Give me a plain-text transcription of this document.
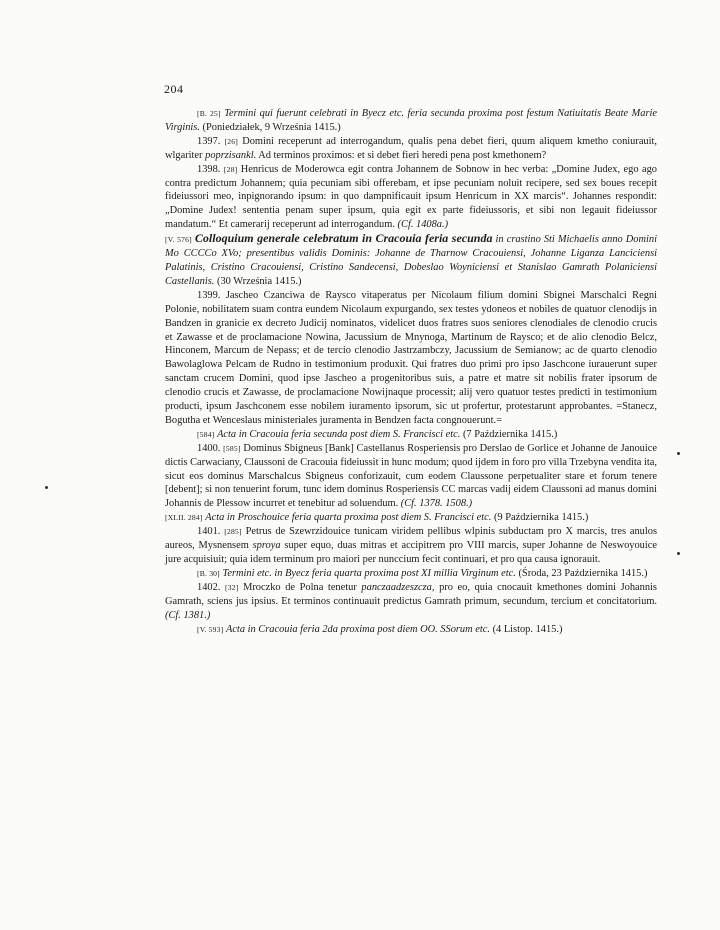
204

[B. 25] Termini qui fuerunt celebrati in Byecz etc. feria secunda proxima post festum Natiuitatis Beate Marie Virginis. (Poniedziałek, 9 Września 1415.)

1397. [26] Domini receperunt ad interrogandum, qualis pena debet fieri, quum aliquem kmetho coniurauit, wlgariter poprzisankl. Ad terminos proximos: et si debet fieri heredi pena post kmethonem?

1398. [28] Henricus de Moderowca egit contra Johannem de Sobnow in hec verba: „Domine Judex, ego ago contra predictum Johannem; quia pecuniam sibi offerebam, et ipse pecuniam noluit recipere, sed sex boues recepit fideiussori meo, inpignorando ipsum: in quo dampnificauit ipsum Henricum in XX marcis“. Johannes respondit: „Domine Judex! sententia penam super ipsum, quia egit ex parte fideiussoris, et sibi non legauit fideiussor mandatum.“ Et camerarij receperunt ad interrogandum. (Cf. 1408a.)

[V. 576] Colloquium generale celebratum in Cracouia feria secunda in crastino Sti Michaelis anno Domini Mo CCCCo XVo; presentibus validis Dominis: Johanne de Tharnow Cracouiensi, Johanne Liganza Lanciciensi Palatinis, Cristino Cracouiensi, Cristino Sandecensi, Dobeslao Woyniciensi et Stanislao Gamrath Polaniciensi Castellanis. (30 Września 1415.)

1399. Jascheo Czanciwa de Raysco vitaperatus per Nicolaum filium domini Sbignei Marschalci Regni Polonie, nobilitatem suam contra eundem Nicolaum expurgando, sex testes ydoneos et nobiles de quatuor clenodijs in Bandzen in granicie ex decreto Judicij nominatos, videlicet duos fratres suos seniores clenodiales de clenodio crucis et Zawasse et de proclamacione Nowina, Jacussium de Mnynoga, Martinum de Raysco; et de alio clenodio Belcz, Hinconem, Marcum de Nepass; et de tercio clenodio Jastrzambczy, Jacussium de Semianow; ac de quarto clenodio Bawolaglowa Pelcam de Rudno in testimonium produxit. Qui fratres duo primi pro ipso Jaschcone iurauerunt super sanctam crucem Domini, quod ipse Jascheo a progenitoribus suis, a patre et matre sit nobilis frater ipsorum de clenodio crucis et Zawasse, de proclamacione Nowijnaque processit; alij vero quatuor testes predicti in testimonium producti, ipsum Jaschconem esse nobilem iuramento ipsorum, sic ut profertur, protestarunt approbantes. =Stanecz, Bogutha et Wenceslaus ministeriales juramenta in Bendzen facta congnouerunt.=

[584] Acta in Cracouia feria secunda post diem S. Francisci etc. (7 Października 1415.)

1400. [585] Dominus Sbigneus [Bank] Castellanus Rosperiensis pro Derslao de Gorlice et Johanne de Janouice dictis Carwaciany, Claussoni de Cracouia fideiussit in hunc modum; quod ijdem in foro pro villa Trzebyna vendita ita, sicut eos dominus Marschalcus Sbigneus conforizauit, cum eodem Claussone perpetualiter stare et forum tenere [debent]; si non tenuerint forum, tunc idem dominus Rosperiensis CC marcas vadij eidem Claussoni ad manus domini Johannis de Plessow incurret et tenebitur ad soluendum. (Cf. 1378. 1508.)

[XLII. 284] Acta in Proschouice feria quarta proxima post diem S. Francisci etc. (9 Października 1415.)

1401. [285] Petrus de Szewrzidouice tunicam viridem pellibus wlpinis subductam pro X marcis, tres anulos aureos, Mysnensem sproya super equo, duas mitras et accipitrem pro VIII marcis, super Johanne de Neswoyouice jure acquisiuit; quia idem terminum pro maiori per nunccium fecit continuari, et pro qua causa ignorauit.

[B. 30] Termini etc. in Byecz feria quarta proxima post XI millia Virginum etc. (Środa, 23 Października 1415.)

1402. [32] Mroczko de Polna tenetur panczaadzeszcza, pro eo, quia cnocauit kmethones domini Johannis Gamrath, sciens jus ipsius. Et terminos continuauit predictus Gamrath primum, secundum, tercium et concitatorium. (Cf. 1381.)

[V. 593] Acta in Cracouia feria 2da proxima post diem OO. SSorum etc. (4 Listop. 1415.)
